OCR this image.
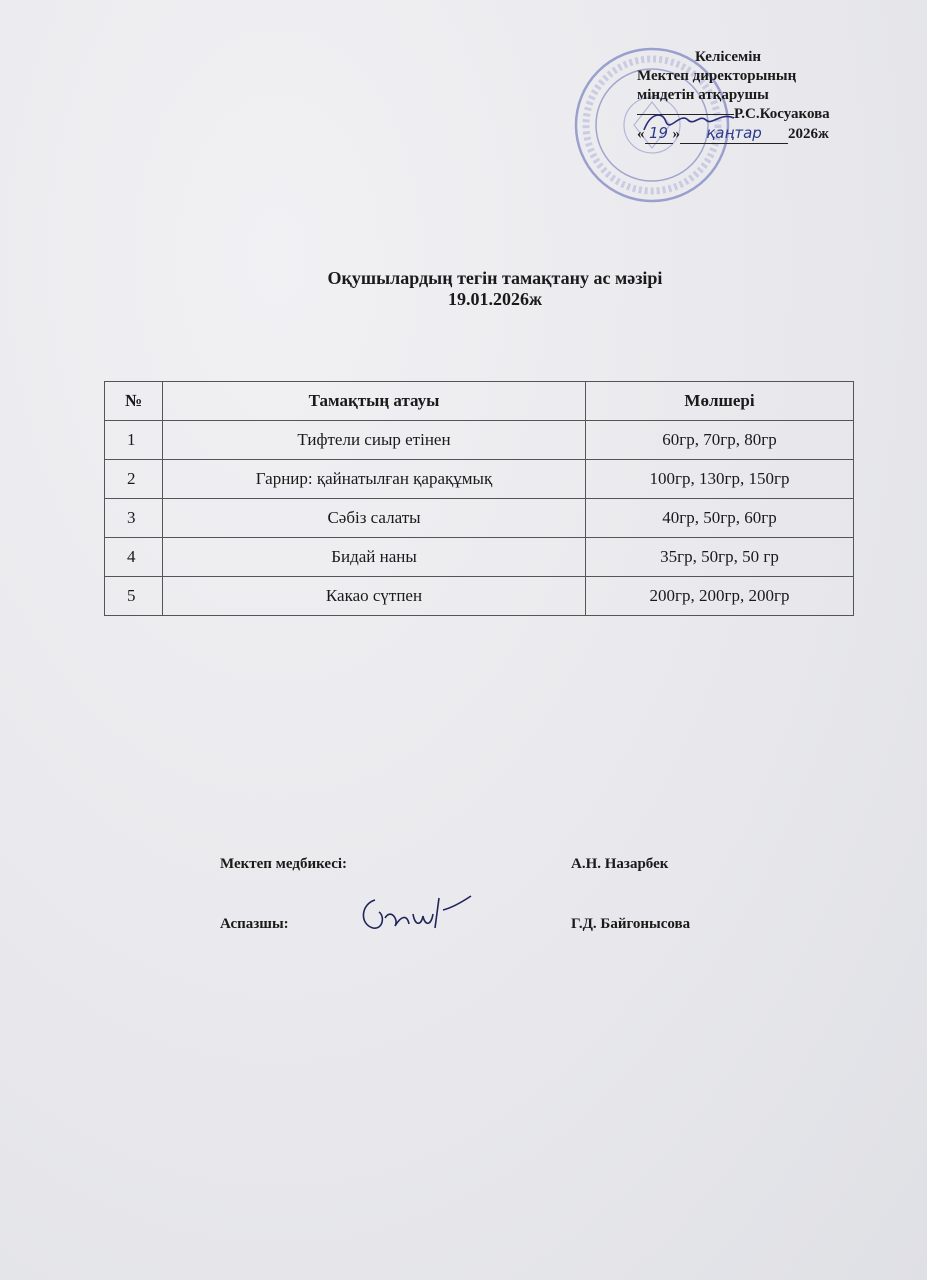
Келісемін
Мектеп директорының
міндетін атқарушы
Р.С.Косуакова
« 19 » қаңтар 2026ж
Оқушылардың тегін тамақтану ас мәзірі
19.01.2026ж
№	Тамақтың атауы	Мөлшері
1	Тифтели сиыр етінен	60гр, 70гр, 80гр
2	Гарнир: қайнатылған қарақұмық	100гр, 130гр, 150гр
3	Сәбіз салаты	40гр, 50гр, 60гр
4	Бидай наны	35гр, 50гр, 50 гр
5	Какао сүтпен	200гр, 200гр, 200гр
Мектеп медбикесі:	А.Н. Назарбек
Аспазшы:	Г.Д. Байгонысова
